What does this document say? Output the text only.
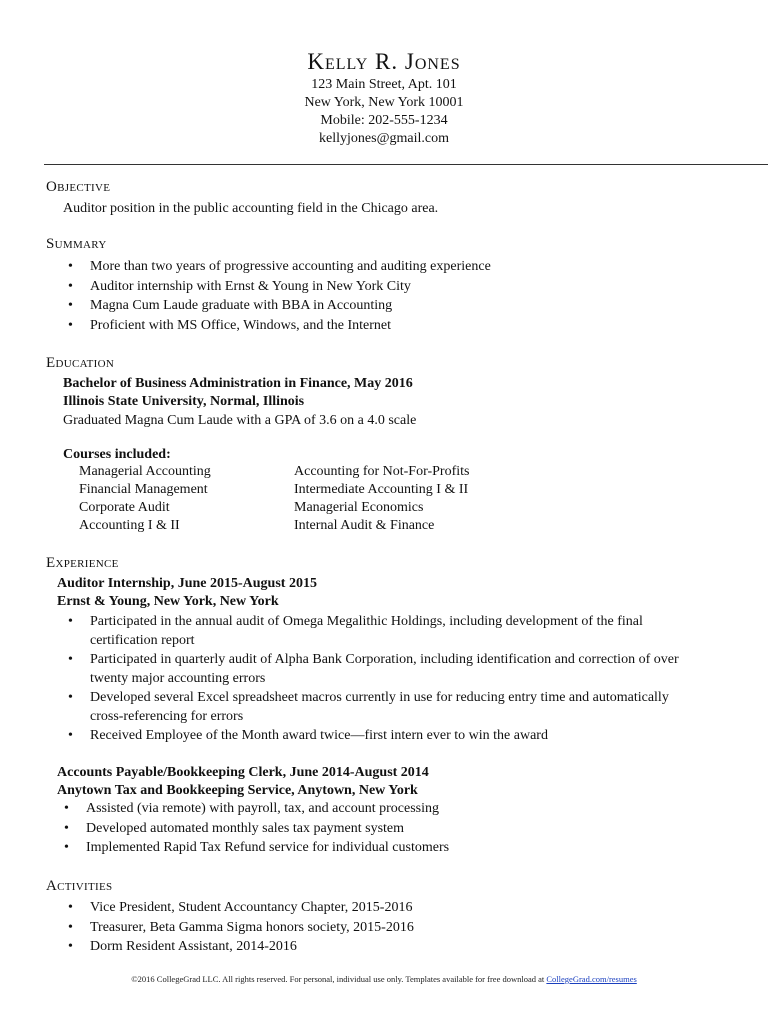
Kelly R. Jones
123 Main Street, Apt. 101
New York, New York 10001
Mobile: 202-555-1234
kellyjones@gmail.com
Objective
Auditor position in the public accounting field in the Chicago area.
Summary
• More than two years of progressive accounting and auditing experience
• Auditor internship with Ernst & Young in New York City
• Magna Cum Laude graduate with BBA in Accounting
• Proficient with MS Office, Windows, and the Internet
Education
Bachelor of Business Administration in Finance, May 2016
Illinois State University, Normal, Illinois
Graduated Magna Cum Laude with a GPA of 3.6 on a 4.0 scale
Courses included:
Managerial Accounting	Accounting for Not-For-Profits
Financial Management	Intermediate Accounting I & II
Corporate Audit	Managerial Economics
Accounting I & II	Internal Audit & Finance
Experience
Auditor Internship, June 2015-August 2015
Ernst & Young, New York, New York
• Participated in the annual audit of Omega Megalithic Holdings, including development of the final
certification report
• Participated in quarterly audit of Alpha Bank Corporation, including identification and correction of over
twenty major accounting errors
• Developed several Excel spreadsheet macros currently in use for reducing entry time and automatically
cross-referencing for errors
• Received Employee of the Month award twice—first intern ever to win the award
Accounts Payable/Bookkeeping Clerk, June 2014-August 2014
Anytown Tax and Bookkeeping Service, Anytown, New York
• Assisted (via remote) with payroll, tax, and account processing
• Developed automated monthly sales tax payment system
• Implemented Rapid Tax Refund service for individual customers
Activities
• Vice President, Student Accountancy Chapter, 2015-2016
• Treasurer, Beta Gamma Sigma honors society, 2015-2016
• Dorm Resident Assistant, 2014-2016
©2016 CollegeGrad LLC. All rights reserved. For personal, individual use only. Templates available for free download at CollegeGrad.com/resumes
